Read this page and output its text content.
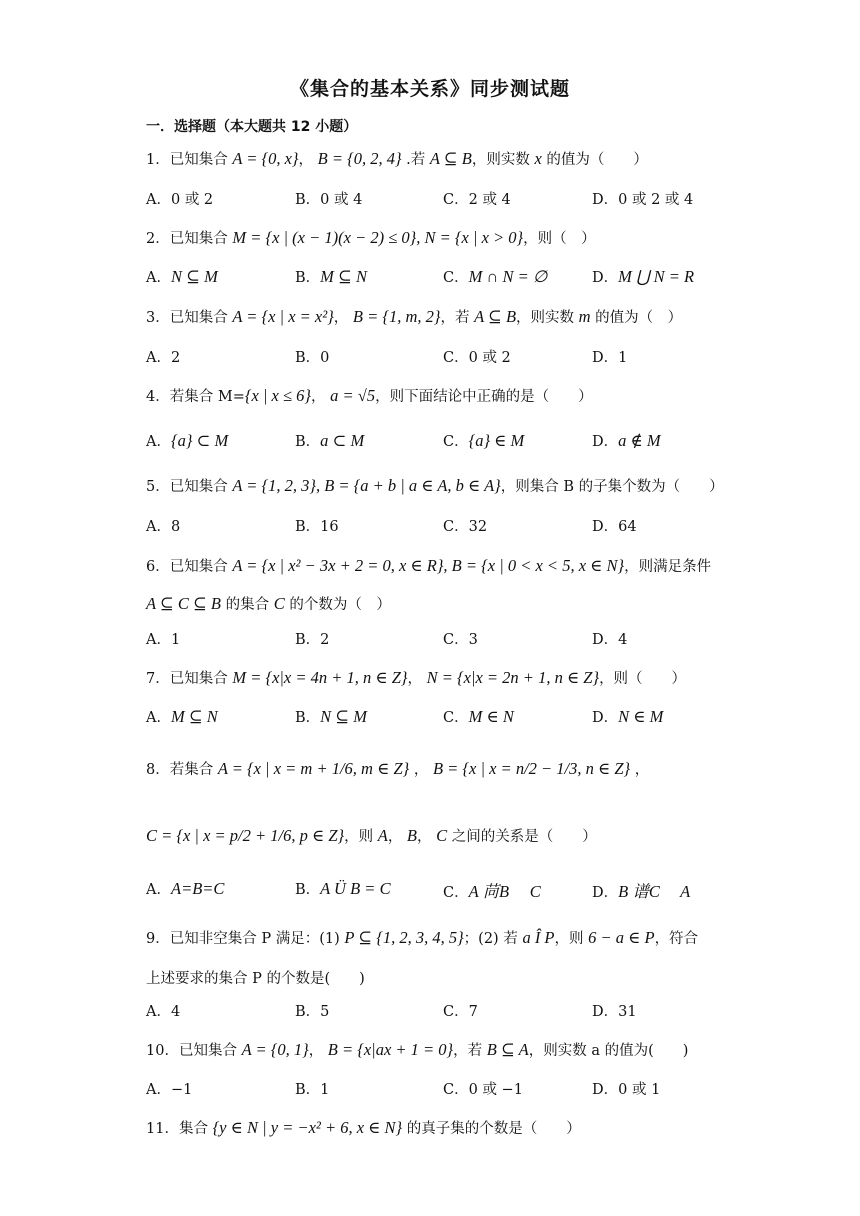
《集合的基本关系》同步测试题
一．选择题（本大题共 12 小题）
1．已知集合 A = {0, x}， B = {0, 2, 4} .若 A ⊆ B，则实数 x 的值为（　　）
A．0 或 2	B．0 或 4	C．2 或 4	D．0 或 2 或 4
2．已知集合 M = {x | (x − 1)(x − 2) ≤ 0}, N = {x | x > 0}，则（　）
A．N ⊆ M	B．M ⊆ N	C．M ∩ N = ∅	D．M ⋃ N = R
3．已知集合 A = {x | x = x²}， B = {1, m, 2}，若 A ⊆ B，则实数 m 的值为（　）
A．2	B．0	C．0 或 2	D．1
4．若集合 M={x | x ≤ 6}， a = √5，则下面结论中正确的是（　　）
A．{a} ⊂ M	B．a ⊂ M	C．{a} ∈ M	D．a ∉ M
5．已知集合 A = {1, 2, 3}, B = {a + b | a ∈ A, b ∈ A}，则集合 B 的子集个数为（　　）
A．8	B．16	C．32	D．64
6．已知集合 A = {x | x² − 3x + 2 = 0, x ∈ R}, B = {x | 0 < x < 5, x ∈ N}，则满足条件
A ⊆ C ⊆ B 的集合 C 的个数为（　）
A．1	B．2	C．3	D．4
7．已知集合 M = {x|x = 4n + 1, n ∈ Z}， N = {x|x = 2n + 1, n ∈ Z}，则（　　）
A．M ⊆ N	B．N ⊆ M	C．M ∈ N	D．N ∈ M
8．若集合 A = {x | x = m + 1/6, m ∈ Z} ， B = {x | x = n/2 − 1/3, n ∈ Z} ，
C = {x | x = p/2 + 1/6, p ∈ Z}，则 A， B， C 之间的关系是（　　）
A．A=B=C	B．A Ü B = C	C．A 苘B　 C	D．B 谱C　 A
9．已知非空集合 P 满足：(1) P ⊆ {1, 2, 3, 4, 5}；(2) 若 a Î P，则 6 − a ∈ P，符合
上述要求的集合 P 的个数是(　　)
A．4	B．5	C．7	D．31
10．已知集合 A = {0, 1}， B = {x|ax + 1 = 0}，若 B ⊆ A，则实数 a 的值为(　　)
A．−1	B．1	C．0 或 −1	D．0 或 1
11．集合 {y ∈ N | y = −x² + 6, x ∈ N} 的真子集的个数是（　　）
